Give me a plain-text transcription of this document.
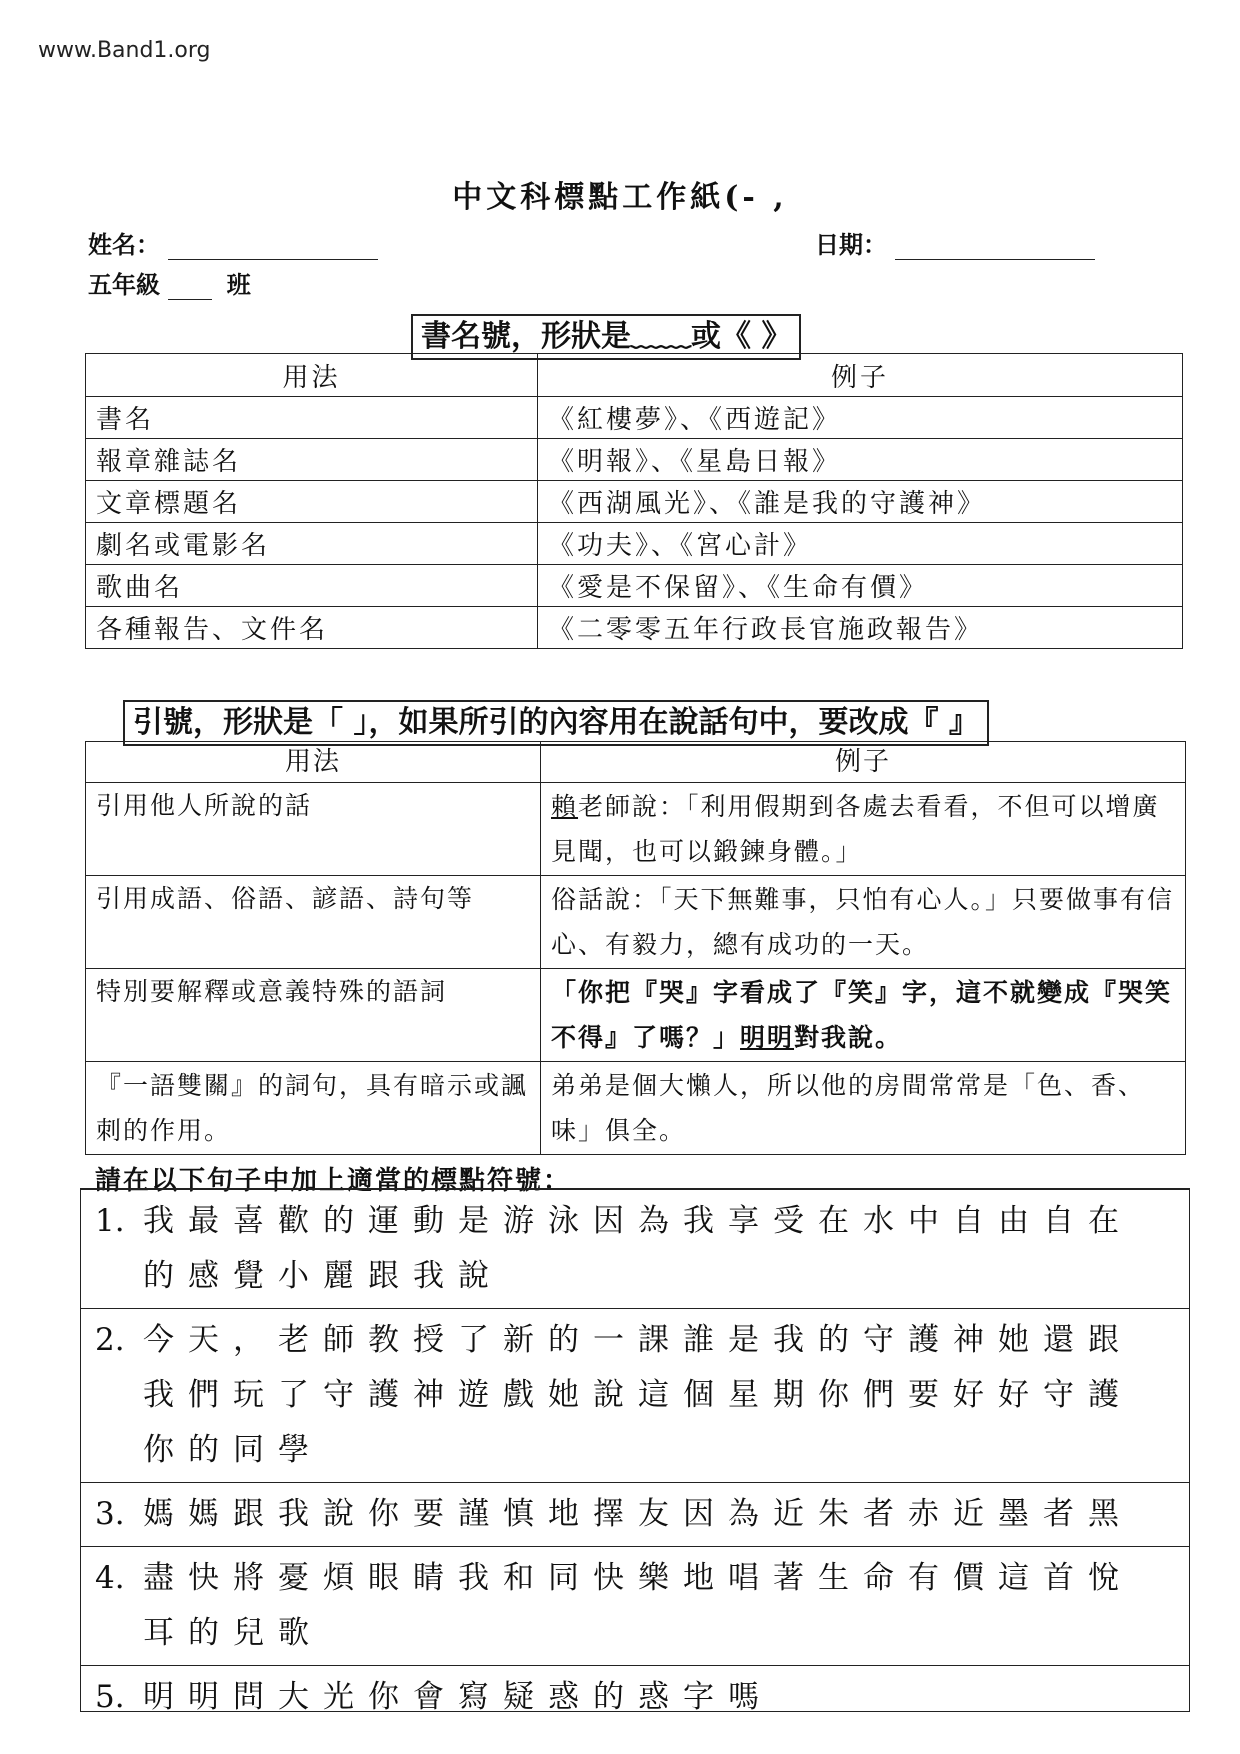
www.Band1.org
中文科標點工作紙(- ,
姓名：	日期：
五年級	班
書名號，形狀是﹏﹏或《 》
用法	例子
書名	《紅樓夢》、《西遊記》
報章雜誌名	《明報》、《星島日報》
文章標題名	《西湖風光》、《誰是我的守護神》
劇名或電影名	《功夫》、《宮心計》
歌曲名	《愛是不保留》、《生命有價》
各種報告、文件名	《二零零五年行政長官施政報告》
引號，形狀是「 」，如果所引的內容用在說話句中，要改成『 』
用法	例子
引用他人所說的話	賴老師說：「利用假期到各處去看看，不但可以增廣見聞，也可以鍛鍊身體。」
引用成語、俗語、諺語、詩句等	俗話說：「天下無難事，只怕有心人。」只要做事有信心、有毅力，總有成功的一天。
特別要解釋或意義特殊的語詞	「你把『哭』字看成了『笑』字，這不就變成『哭笑不得』了嗎？」明明對我說。
『一語雙關』的詞句，具有暗示或諷刺的作用。	弟弟是個大懶人，所以他的房間常常是「色、香、味」俱全。
請在以下句子中加上適當的標點符號：
1. 我最喜歡的運動是游泳因為我享受在水中自由自在
的感覺小麗跟我說
2. 今天，老師教授了新的一課誰是我的守護神她還跟
我們玩了守護神遊戲她說這個星期你們要好好守護
你的同學
3. 媽媽跟我說你要謹慎地擇友因為近朱者赤近墨者黑
4. 盡快將憂煩眼睛我和同快樂地唱著生命有價這首悅
耳的兒歌
5. 明明問大光你會寫疑惑的惑字嗎
